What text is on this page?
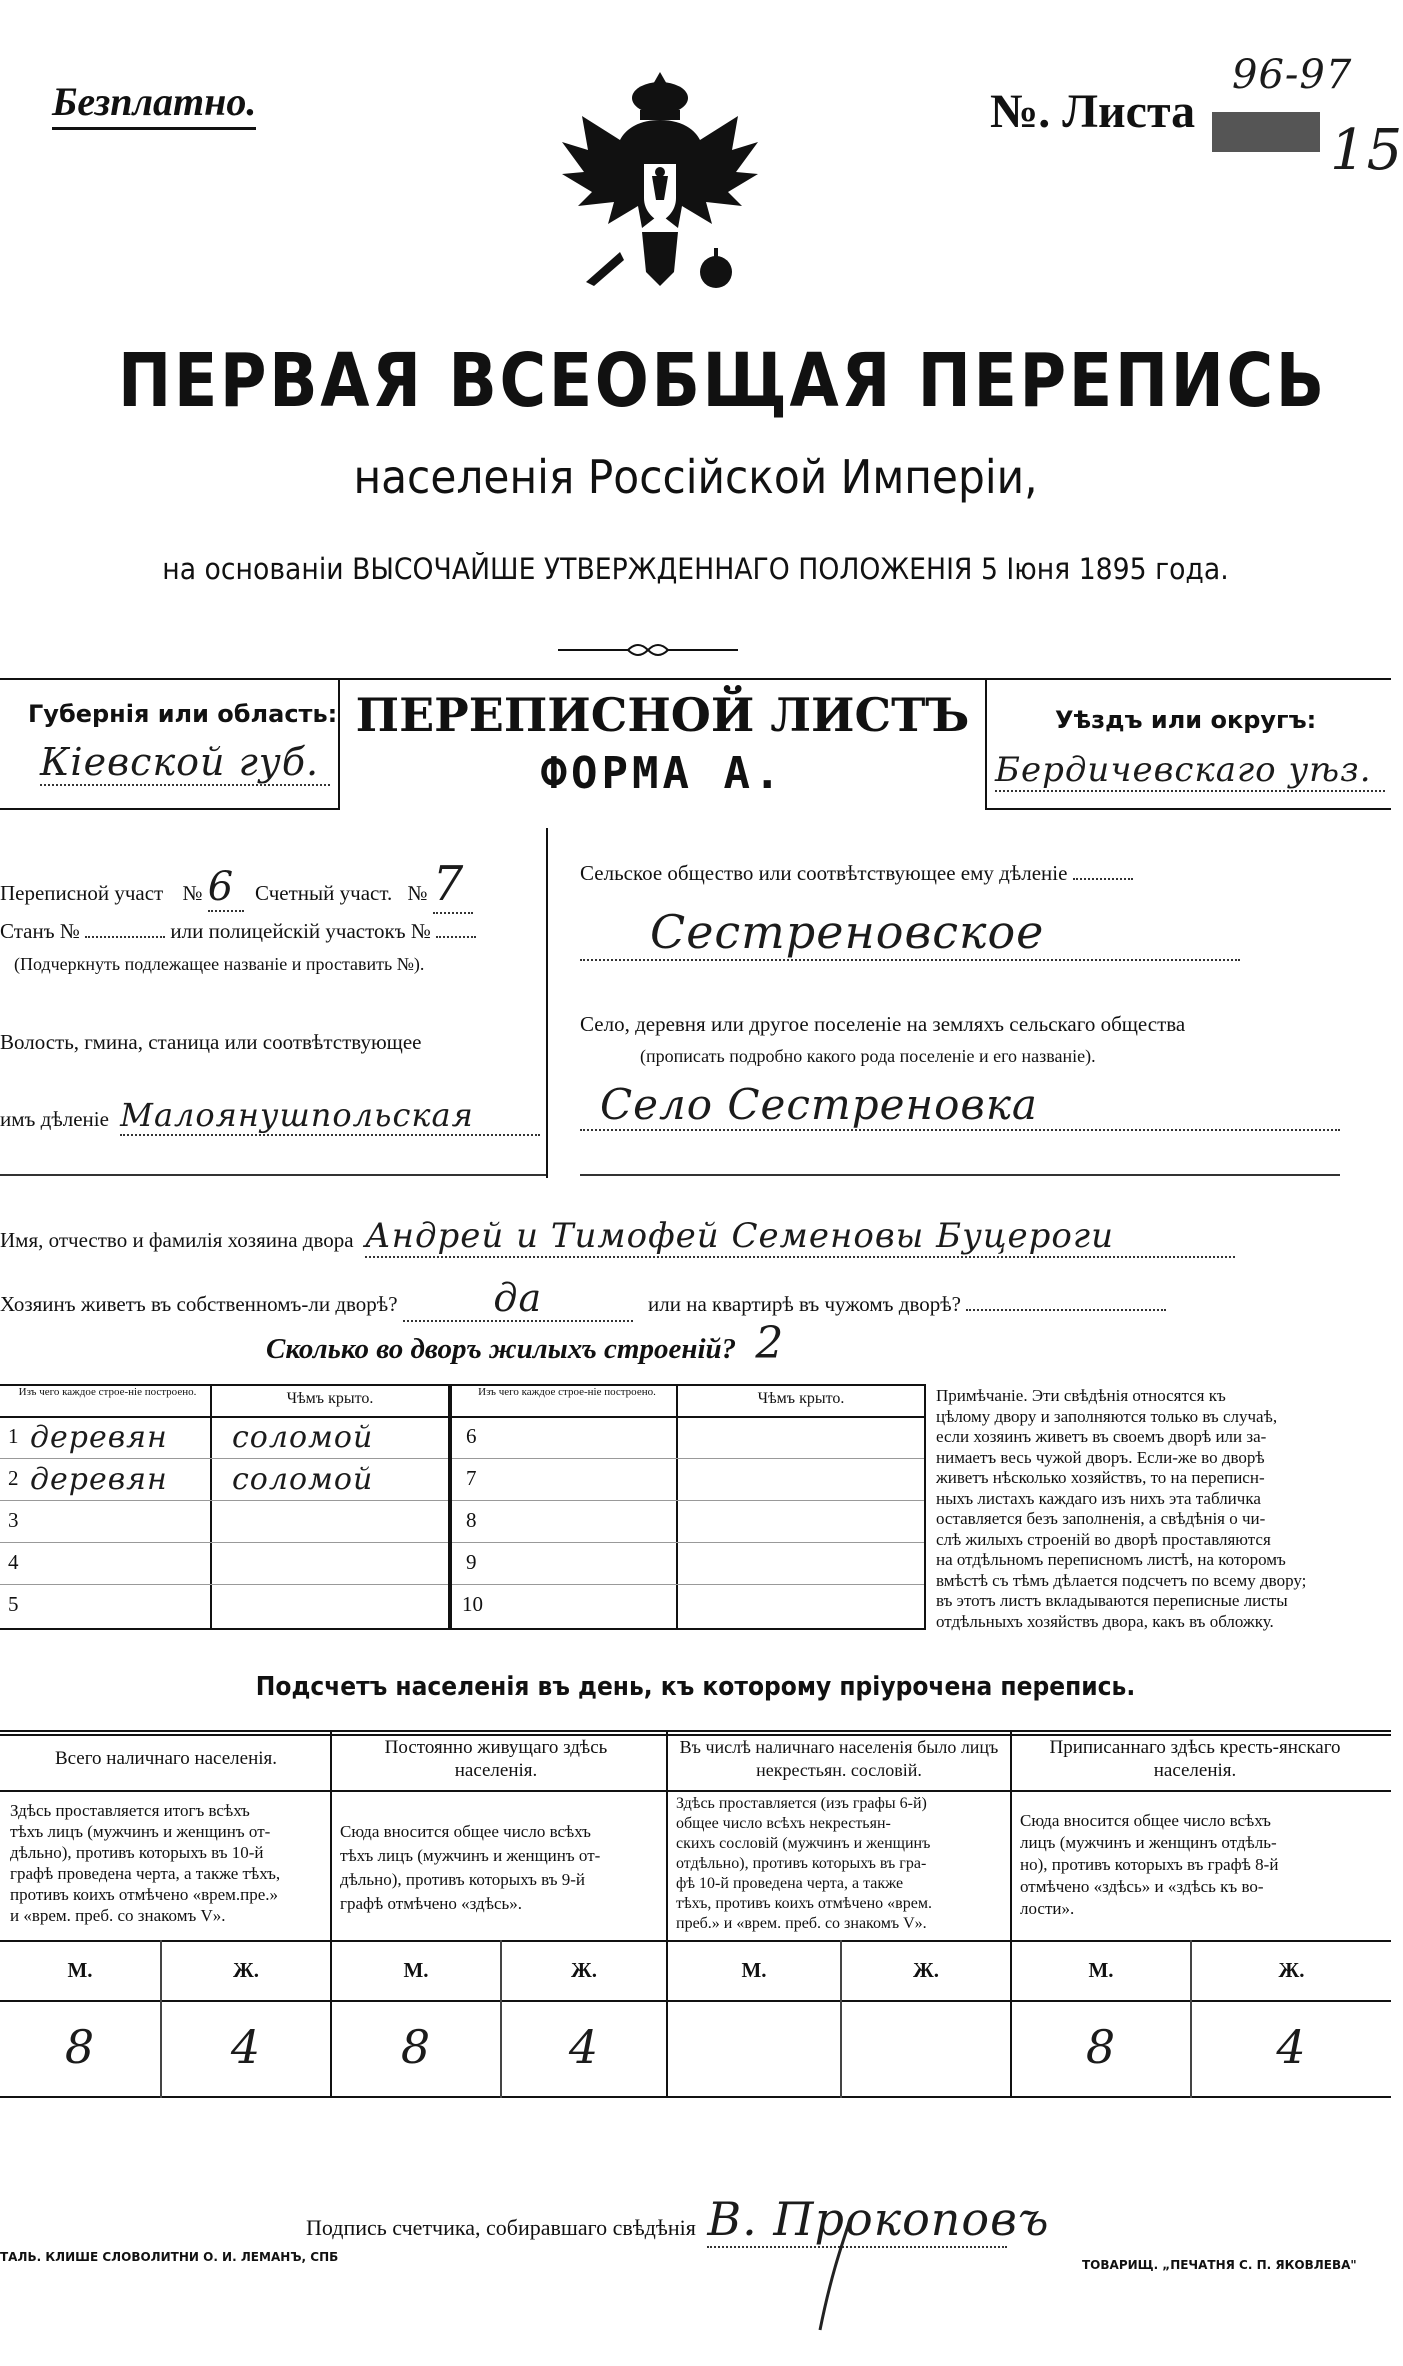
Безплатно.	№. Листа
96-97
15
ПЕРВАЯ ВСЕОБЩАЯ ПЕРЕПИСЬ
населенія Россійской Имперіи,
на основаніи ВЫСОЧАЙШЕ УТВЕРЖДЕННАГО ПОЛОЖЕНІЯ 5 Іюня 1895 года.
Губернія или область:
Кіевской губ.
ПЕРЕПИСНОЙ ЛИСТЪ
ФОРМА А.
Уѣздъ или округъ:
Бердичевскаго уѣз.
Переписной участ № 6 Счетный участ. № 7
Станъ №	или полицейскій участокъ №
(Подчеркнуть подлежащее названіе и проставить №).
Волость, гмина, станица или соотвѣтствующее
имъ дѣленіе Малоянушпольская
Сельское общество или соотвѣтствующее ему дѣленіе
Сестреновское
Село, деревня или другое поселеніе на земляхъ сельскаго общества
(прописать подробно какого рода поселеніе и его названіе).
Село Сестреновка
Имя, отчество и фамилія хозяина двора Андрей и Тимофей Семеновы Буцероги
Хозяинъ живетъ въ собственномъ-ли дворѣ?	да	или на квартирѣ въ чужомъ дворѣ?
Сколько во дворъ жилыхъ строеній? 2
Изъ чего каждое строе-ніе построено.	Чѣмъ крыто.	Изъ чего каждое строе-ніе построено.	Чѣмъ крыто.
1 деревян соломой
2 деревян соломой
3
4
5
6
7
8
9
10
Примѣчаніе. Эти свѣдѣнія относятся къ
цѣлому двору и заполняются только въ случаѣ,
если хозяинъ живетъ въ своемъ дворѣ или за-
нимаетъ весь чужой дворъ. Если-же во дворѣ
живетъ нѣсколько хозяйствъ, то на переписн-
ныхъ листахъ каждаго изъ нихъ эта табличка
оставляется безъ заполненія, а свѣдѣнія о чи-
слѣ жилыхъ строеній во дворѣ проставляются
на отдѣльномъ переписномъ листѣ, на которомъ
вмѣстѣ съ тѣмъ дѣлается подсчетъ по всему двору;
въ этотъ листъ вкладываются переписные листы
отдѣльныхъ хозяйствъ двора, какъ въ обложку.
Подсчетъ населенія въ день, къ которому пріурочена перепись.
Всего наличнаго населенія.
Здѣсь проставляется итогъ всѣхъ
тѣхъ лицъ (мужчинъ и женщинъ от-
дѣльно), противъ которыхъ въ 10-й
графѣ проведена черта, а также тѣхъ,
противъ коихъ отмѣчено «врем.пре.»
и «врем. преб. со знакомъ V».
М.	Ж.
8	4
Постоянно живущаго здѣсь населенія.
Сюда вносится общее число всѣхъ
тѣхъ лицъ (мужчинъ и женщинъ от-
дѣльно), противъ которыхъ въ 9-й
графѣ отмѣчено «здѣсь».
М.	Ж.
8	4
Въ числѣ наличнаго населенія было лицъ некрестьян. сословій.
Здѣсь проставляется (изъ графы 6-й)
общее число всѣхъ некрестьян-
скихъ сословій (мужчинъ и женщинъ
отдѣльно), противъ которыхъ въ гра-
фѣ 10-й проведена черта, а также
тѣхъ, противъ коихъ отмѣчено «врем.
преб.» и «врем. преб. со знакомъ V».
М.	Ж.
Приписаннаго здѣсь кресть-янскаго населенія.
Сюда вносится общее число всѣхъ
лицъ (мужчинъ и женщинъ отдѣль-
но), противъ которыхъ въ графѣ 8-й
отмѣчено «здѣсь» и «здѣсь къ во-
лости».
М.	Ж.
8	4
Подпись счетчика, собиравшаго свѣдѣнія В. Прокоповъ
ТАЛЬ. КЛИШЕ СЛОВОЛИТНИ О. И. ЛЕМАНЪ, СПБ
ТОВАРИЩ. „ПЕЧАТНЯ С. П. ЯКОВЛЕВА"
